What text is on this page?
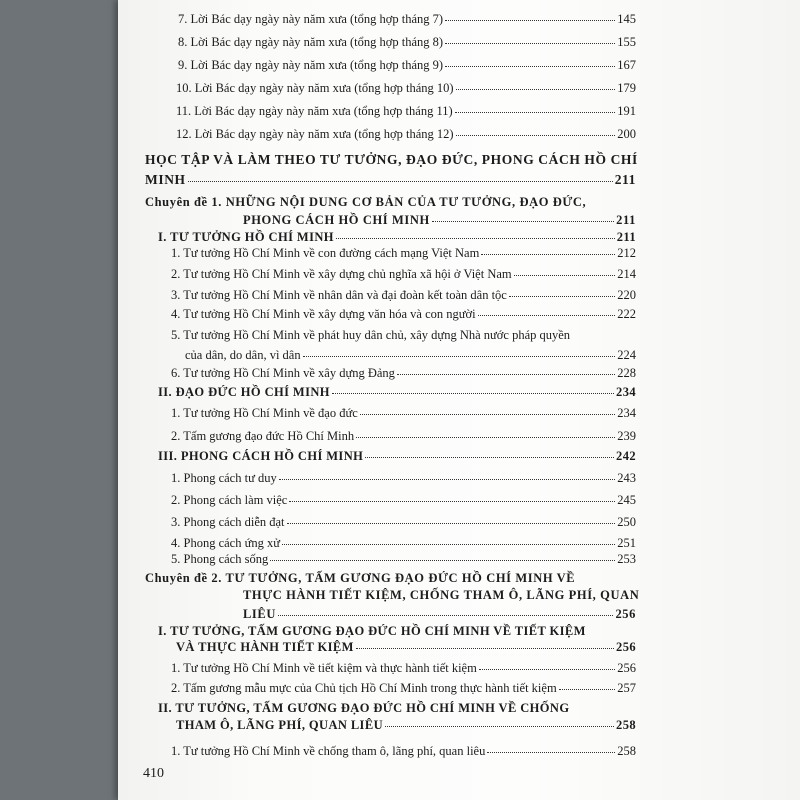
7. Lời Bác dạy ngày này năm xưa (tổng hợp tháng 7)	145
8. Lời Bác dạy ngày này năm xưa (tổng hợp tháng 8)	155
9. Lời Bác dạy ngày này năm xưa (tổng hợp tháng 9)	167
10. Lời Bác dạy ngày này năm xưa (tổng hợp tháng 10)	179
11. Lời Bác dạy ngày này năm xưa (tổng hợp tháng 11)	191
12. Lời Bác dạy ngày này năm xưa (tổng hợp tháng 12)	200
HỌC TẬP VÀ LÀM THEO TƯ TƯỞNG, ĐẠO ĐỨC, PHONG CÁCH HỒ CHÍ
MINH	211
Chuyên đề 1. NHỮNG NỘI DUNG CƠ BẢN CỦA TƯ TƯỞNG, ĐẠO ĐỨC,
PHONG CÁCH HỒ CHÍ MINH	211
I. TƯ TƯỞNG HỒ CHÍ MINH	211
1. Tư tưởng Hồ Chí Minh về con đường cách mạng Việt Nam	212
2. Tư tưởng Hồ Chí Minh về xây dựng chủ nghĩa xã hội ở Việt Nam	214
3. Tư tưởng Hồ Chí Minh về nhân dân và đại đoàn kết toàn dân tộc	220
4. Tư tưởng Hồ Chí Minh về xây dựng văn hóa và con người	222
5. Tư tưởng Hồ Chí Minh về phát huy dân chủ, xây dựng Nhà nước pháp quyền
của dân, do dân, vì dân	224
6. Tư tưởng Hồ Chí Minh về xây dựng Đảng	228
II. ĐẠO ĐỨC HỒ CHÍ MINH	234
1. Tư tưởng Hồ Chí Minh về đạo đức	234
2. Tấm gương đạo đức Hồ Chí Minh	239
III. PHONG CÁCH HỒ CHÍ MINH	242
1. Phong cách tư duy	243
2. Phong cách làm việc	245
3. Phong cách diễn đạt	250
4. Phong cách ứng xử	251
5. Phong cách sống	253
Chuyên đề 2. TƯ TƯỞNG, TẤM GƯƠNG ĐẠO ĐỨC HỒ CHÍ MINH VỀ
THỰC HÀNH TIẾT KIỆM, CHỐNG THAM Ô, LÃNG PHÍ, QUAN
LIÊU	256
I. TƯ TƯỞNG, TẤM GƯƠNG ĐẠO ĐỨC HỒ CHÍ MINH VỀ TIẾT KIỆM
VÀ THỰC HÀNH TIẾT KIỆM	256
1. Tư tưởng Hồ Chí Minh về tiết kiệm và thực hành tiết kiệm	256
2. Tấm gương mẫu mực của Chủ tịch Hồ Chí Minh trong thực hành tiết kiệm	257
II. TƯ TƯỞNG, TẤM GƯƠNG ĐẠO ĐỨC HỒ CHÍ MINH VỀ CHỐNG
THAM Ô, LÃNG PHÍ, QUAN LIÊU	258
1. Tư tưởng Hồ Chí Minh về chống tham ô, lãng phí, quan liêu	258
410
